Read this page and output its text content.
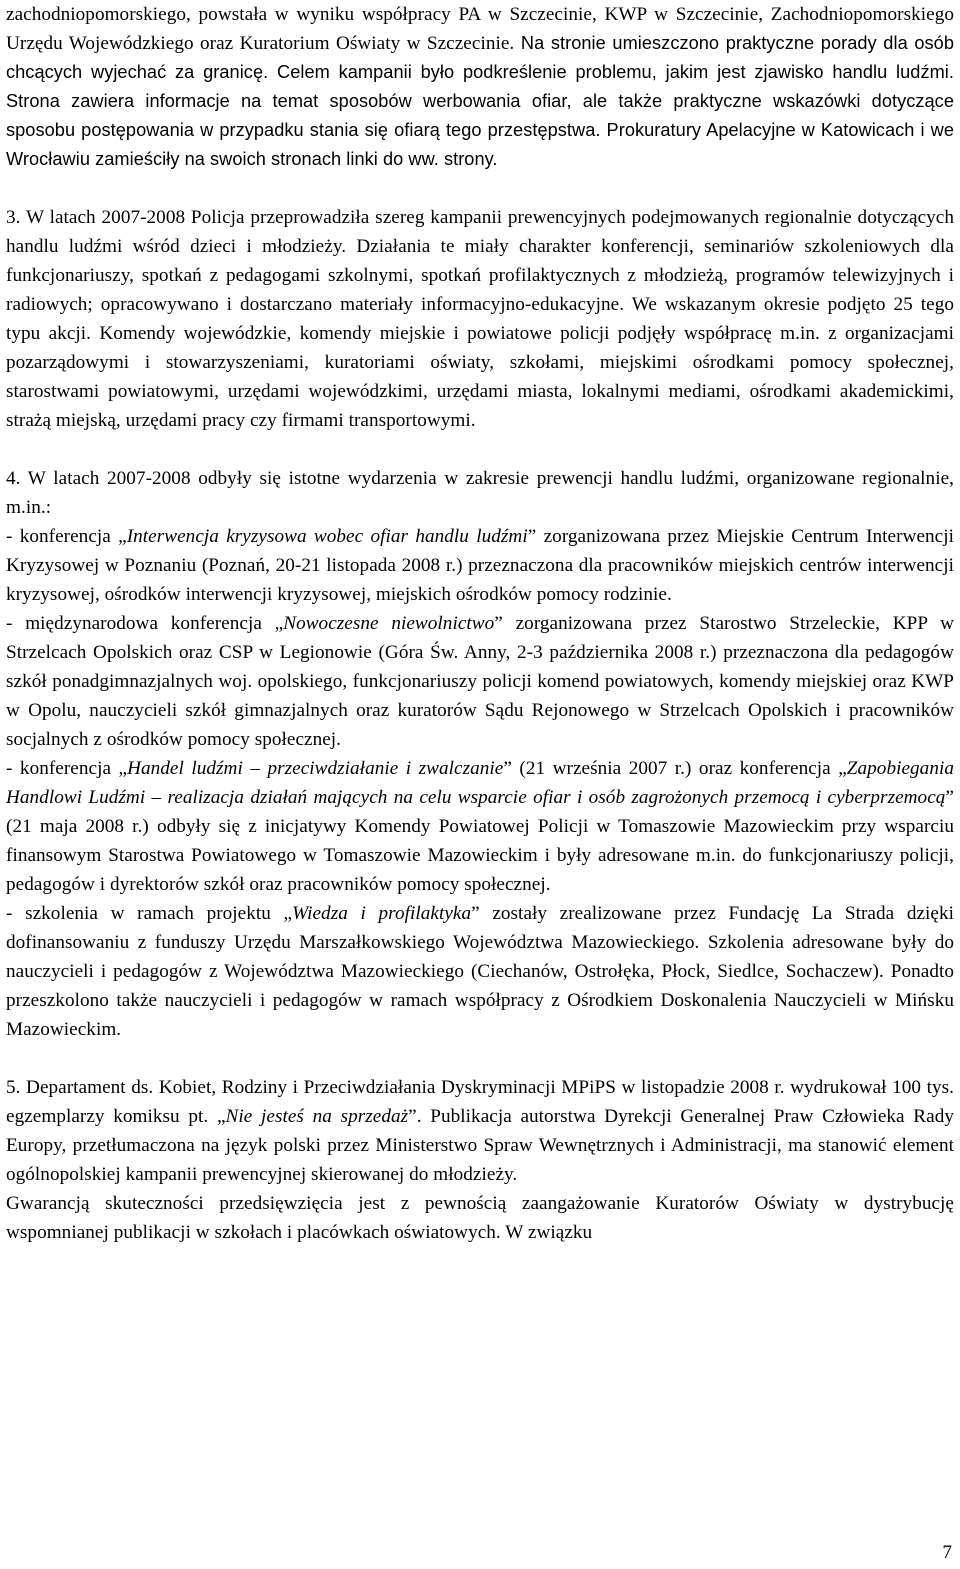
zachodniopomorskiego, powstała w wyniku współpracy PA w Szczecinie, KWP w Szczecinie, Zachodniopomorskiego Urzędu Wojewódzkiego oraz Kuratorium Oświaty w Szczecinie. Na stronie umieszczono praktyczne porady dla osób chcących wyjechać za granicę. Celem kampanii było podkreślenie problemu, jakim jest zjawisko handlu ludźmi. Strona zawiera informacje na temat sposobów werbowania ofiar, ale także praktyczne wskazówki dotyczące sposobu postępowania w przypadku stania się ofiarą tego przestępstwa. Prokuratury Apelacyjne w Katowicach i we Wrocławiu zamieściły na swoich stronach linki do ww. strony.

3. W latach 2007-2008 Policja przeprowadziła szereg kampanii prewencyjnych podejmowanych regionalnie dotyczących handlu ludźmi wśród dzieci i młodzieży. Działania te miały charakter konferencji, seminariów szkoleniowych dla funkcjonariuszy, spotkań z pedagogami szkolnymi, spotkań profilaktycznych z młodzieżą, programów telewizyjnych i radiowych; opracowywano i dostarczano materiały informacyjno-edukacyjne. We wskazanym okresie podjęto 25 tego typu akcji. Komendy wojewódzkie, komendy miejskie i powiatowe policji podjęły współpracę m.in. z organizacjami pozarządowymi i stowarzyszeniami, kuratoriami oświaty, szkołami, miejskimi ośrodkami pomocy społecznej, starostwami powiatowymi, urzędami wojewódzkimi, urzędami miasta, lokalnymi mediami, ośrodkami akademickimi, strażą miejską, urzędami pracy czy firmami transportowymi.

4. W latach 2007-2008 odbyły się istotne wydarzenia w zakresie prewencji handlu ludźmi, organizowane regionalnie, m.in.:

- konferencja „Interwencja kryzysowa wobec ofiar handlu ludźmi” zorganizowana przez Miejskie Centrum Interwencji Kryzysowej w Poznaniu (Poznań, 20-21 listopada 2008 r.) przeznaczona dla pracowników miejskich centrów interwencji kryzysowej, ośrodków interwencji kryzysowej, miejskich ośrodków pomocy rodzinie.

- międzynarodowa konferencja „Nowoczesne niewolnictwo” zorganizowana przez Starostwo Strzeleckie, KPP w Strzelcach Opolskich oraz CSP w Legionowie (Góra Św. Anny, 2-3 października 2008 r.) przeznaczona dla pedagogów szkół ponadgimnazjalnych woj. opolskiego, funkcjonariuszy policji komend powiatowych, komendy miejskiej oraz KWP w Opolu, nauczycieli szkół gimnazjalnych oraz kuratorów Sądu Rejonowego w Strzelcach Opolskich i pracowników socjalnych z ośrodków pomocy społecznej.

- konferencja „Handel ludźmi – przeciwdziałanie i zwalczanie” (21 września 2007 r.) oraz konferencja „Zapobiegania Handlowi Ludźmi – realizacja działań mających na celu wsparcie ofiar i osób zagrożonych przemocą i cyberprzemocą” (21 maja 2008 r.) odbyły się z inicjatywy Komendy Powiatowej Policji w Tomaszowie Mazowieckim przy wsparciu finansowym Starostwa Powiatowego w Tomaszowie Mazowieckim i były adresowane m.in. do funkcjonariuszy policji, pedagogów i dyrektorów szkół oraz pracowników pomocy społecznej.

- szkolenia w ramach projektu „Wiedza i profilaktyka” zostały zrealizowane przez Fundację La Strada dzięki dofinansowaniu z funduszy Urzędu Marszałkowskiego Województwa Mazowieckiego. Szkolenia adresowane były do nauczycieli i pedagogów z Województwa Mazowieckiego (Ciechanów, Ostrołęka, Płock, Siedlce, Sochaczew). Ponadto przeszkolono także nauczycieli i pedagogów w ramach współpracy z Ośrodkiem Doskonalenia Nauczycieli w Mińsku Mazowieckim.

5. Departament ds. Kobiet, Rodziny i Przeciwdziałania Dyskryminacji MPiPS w listopadzie 2008 r. wydrukował 100 tys. egzemplarzy komiksu pt. „Nie jesteś na sprzedaż”. Publikacja autorstwa Dyrekcji Generalnej Praw Człowieka Rady Europy, przetłumaczona na język polski przez Ministerstwo Spraw Wewnętrznych i Administracji, ma stanowić element ogólnopolskiej kampanii prewencyjnej skierowanej do młodzieży.

Gwarancją skuteczności przedsięwzięcia jest z pewnością zaangażowanie Kuratorów Oświaty w dystrybucję wspomnianej publikacji w szkołach i placówkach oświatowych. W związku

7
